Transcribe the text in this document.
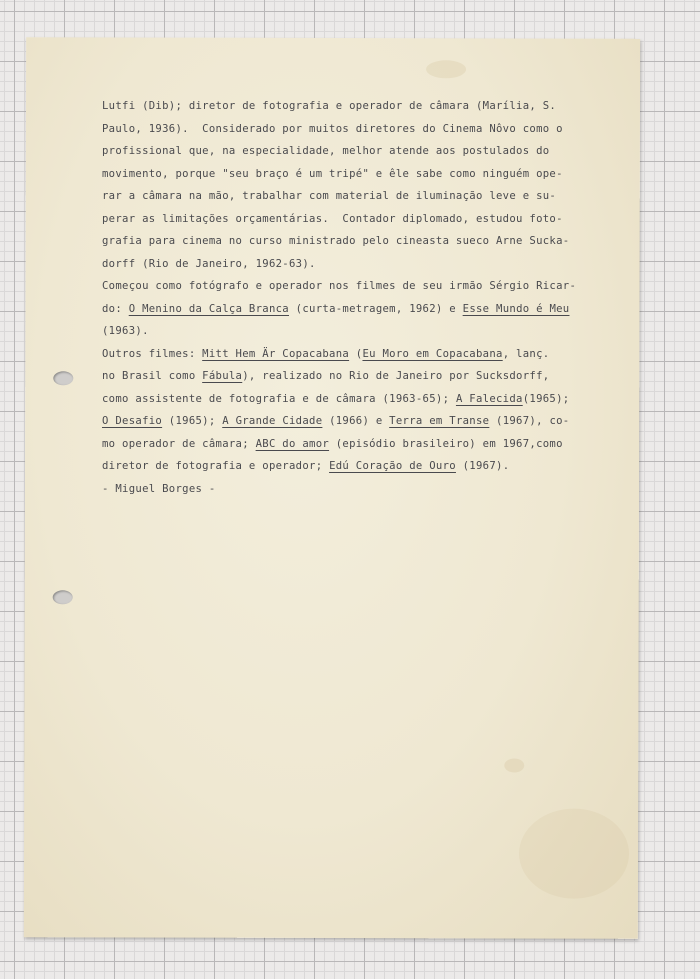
Lutfi (Dib); diretor de fotografia e operador de câmara (Marília, S.
Paulo, 1936).  Considerado por muitos diretores do Cinema Nôvo como o
profissional que, na especialidade, melhor atende aos postulados do
movimento, porque "seu braço é um tripé" e êle sabe como ninguém ope-
rar a câmara na mão, trabalhar com material de iluminação leve e su-
perar as limitações orçamentárias.  Contador diplomado, estudou foto-
grafia para cinema no curso ministrado pelo cineasta sueco Arne Sucka-
dorff (Rio de Janeiro, 1962-63).
Começou como fotógrafo e operador nos filmes de seu irmão Sérgio Ricar-
do: O Menino da Calça Branca (curta-metragem, 1962) e Esse Mundo é Meu
(1963).
Outros filmes: Mitt Hem Är Copacabana (Eu Moro em Copacabana, lanç.
no Brasil como Fábula), realizado no Rio de Janeiro por Sucksdorff,
como assistente de fotografia e de câmara (1963-65); A Falecida(1965);
O Desafio (1965); A Grande Cidade (1966) e Terra em Transe (1967), co-
mo operador de câmara; ABC do amor (episódio brasileiro) em 1967,como
diretor de fotografia e operador; Edú Coração de Ouro (1967).
- Miguel Borges -
